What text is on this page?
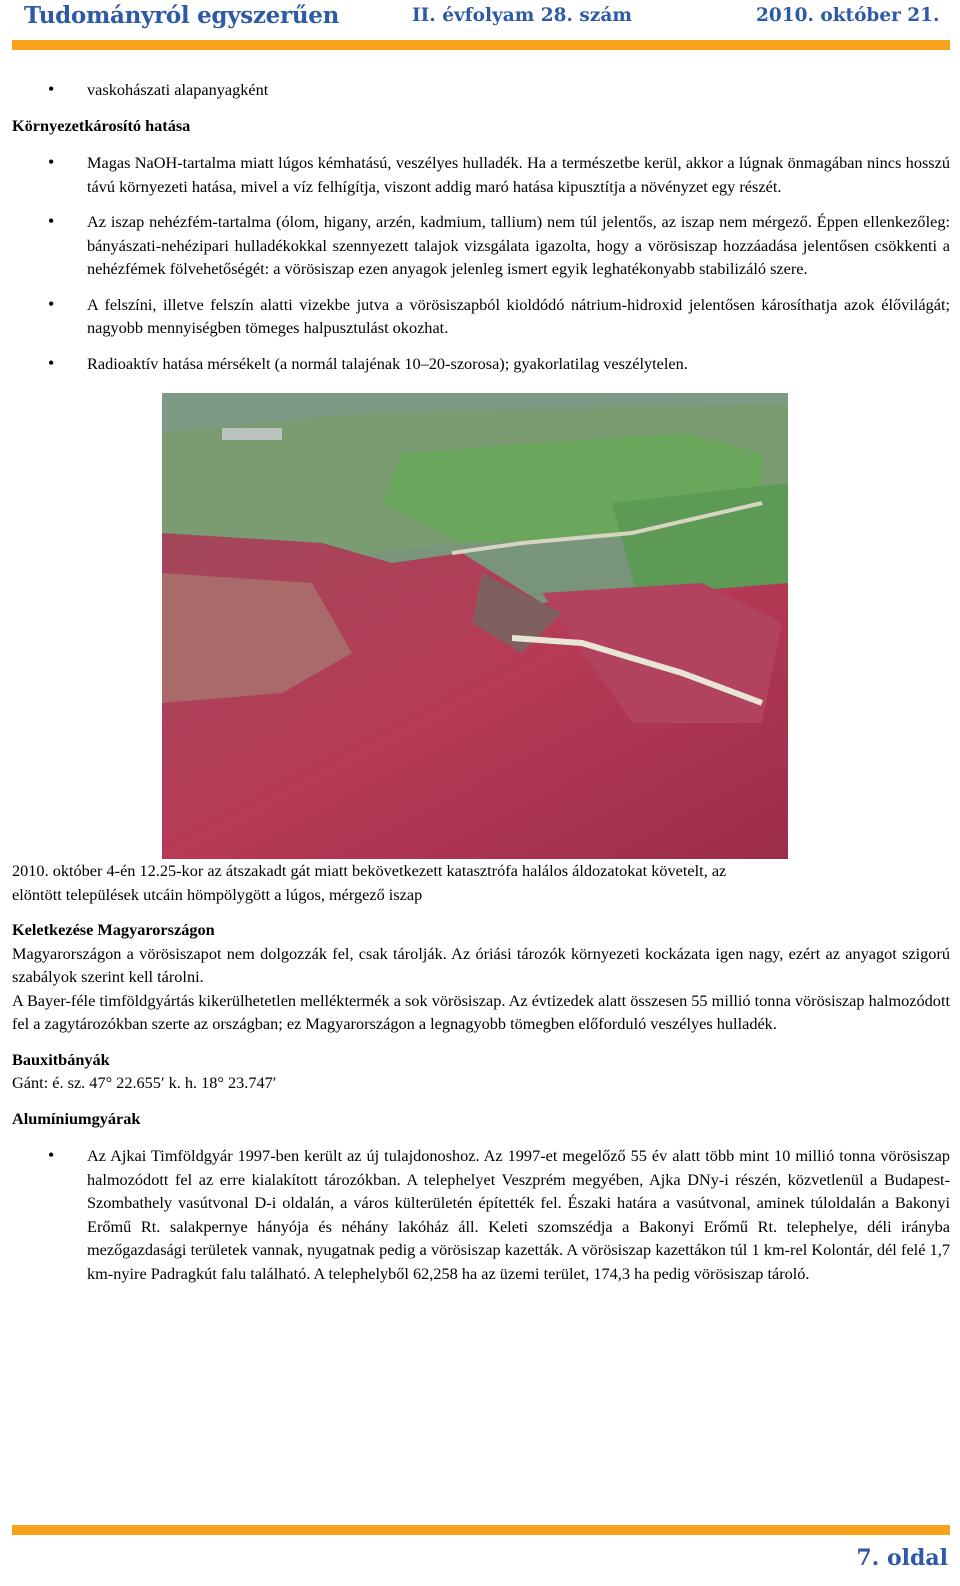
Tudományról egyszerűen	II. évfolyam 28. szám	2010. október 21.
• vaskohászati alapanyagként
Környezetkárosító hatása
• Magas NaOH-tartalma miatt lúgos kémhatású, veszélyes hulladék. Ha a természetbe kerül, akkor a lúgnak önmagában nincs hosszú távú környezeti hatása, mivel a víz felhígítja, viszont addig maró hatása kipusztítja a növényzet egy részét.
• Az iszap nehézfém-tartalma (ólom, higany, arzén, kadmium, tallium) nem túl jelentős, az iszap nem mérgező. Éppen ellenkezőleg: bányászati-nehézipari hulladékokkal szennyezett talajok vizsgálata igazolta, hogy a vörösiszap hozzáadása jelentősen csökkenti a nehézfémek fölvehetőségét: a vörösiszap ezen anyagok jelenleg ismert egyik leghatékonyabb stabilizáló szere.
• A felszíni, illetve felszín alatti vizekbe jutva a vörösiszapból kioldódó nátrium-hidroxid jelentősen károsíthatja azok élővilágát; nagyobb mennyiségben tömeges halpusztulást okozhat.
• Radioaktív hatása mérsékelt (a normál talajénak 10–20-szorosa); gyakorlatilag veszélytelen.

2010. október 4-én 12.25-kor az átszakadt gát miatt bekövetkezett katasztrófa halálos áldozatokat követelt, az
elöntött települések utcáin hömpölygött a lúgos, mérgező iszap

Keletkezése Magyarországon

Magyarországon a vörösiszapot nem dolgozzák fel, csak tárolják. Az óriási tározók környezeti kockázata igen nagy, ezért az anyagot szigorú szabályok szerint kell tárolni.

A Bayer-féle timföldgyártás kikerülhetetlen melléktermék a sok vörösiszap. Az évtizedek alatt összesen 55 millió tonna vörösiszap halmozódott fel a zagytározókban szerte az országban; ez Magyarországon a legnagyobb tömegben előforduló veszélyes hulladék.

Bauxitbányák

Gánt: é. sz. 47° 22.655′ k. h. 18° 23.747′

Alumíniumgyárak
• Az Ajkai Timföldgyár 1997-ben került az új tulajdonoshoz. Az 1997-et megelőző 55 év alatt több mint 10 millió tonna vörösiszap halmozódott fel az erre kialakított tározókban. A telephelyet Veszprém megyében, Ajka DNy-i részén, közvetlenül a Budapest-Szombathely vasútvonal D-i oldalán, a város külterületén építették fel. Északi határa a vasútvonal, aminek túloldalán a Bakonyi Erőmű Rt. salakpernye hányója és néhány lakóház áll. Keleti szomszédja a Bakonyi Erőmű Rt. telephelye, déli irányba mezőgazdasági területek vannak, nyugatnak pedig a vörösiszap kazetták. A vörösiszap kazettákon túl 1 km-rel Kolontár, dél felé 1,7 km-nyire Padragkút falu található. A telephelyből 62,258 ha az üzemi terület, 174,3 ha pedig vörösiszap tároló.
7. oldal
